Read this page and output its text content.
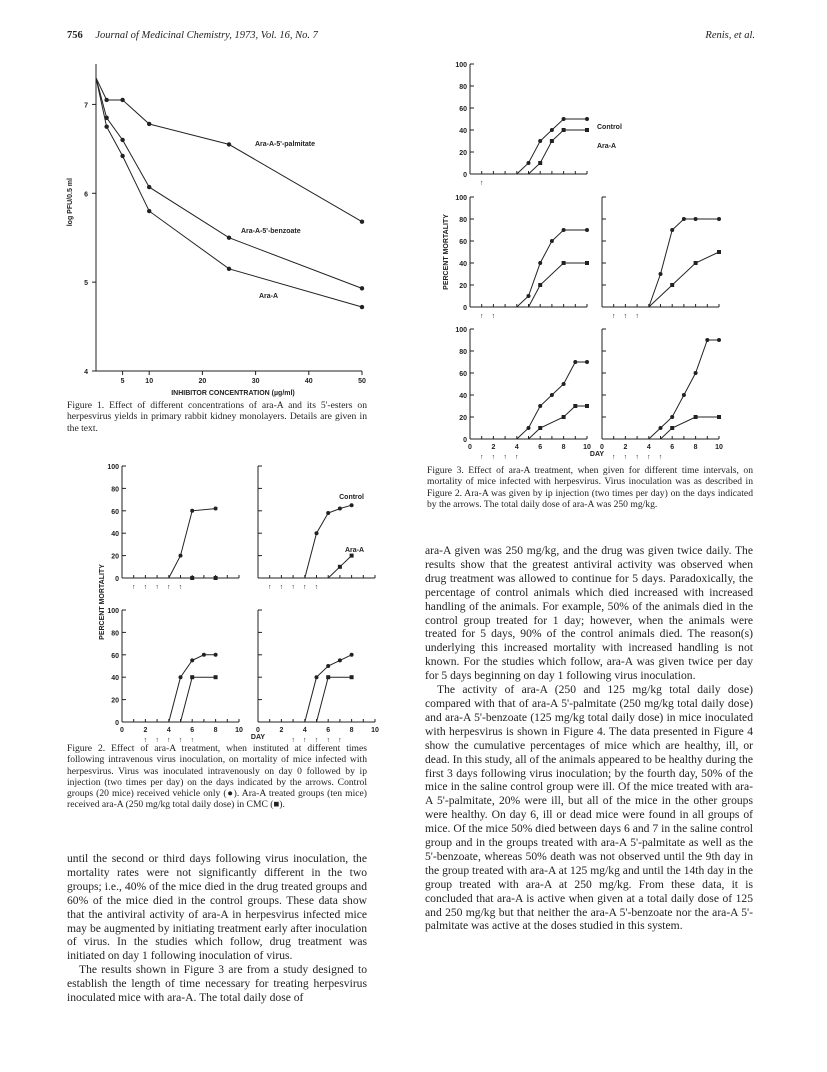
756 Journal of Medicinal Chemistry, 1973, Vol. 16, No. 7	Renis, et al.
4
5
6
7
5	10	20	30	40	50
INHIBITOR CONCENTRATION (µg/ml)
log PFU/0.5 ml
Ara-A-5'-palmitate
Ara-A-5'-benzoate
Ara-A
Figure 1. Effect of different concentrations of ara-A and its 5'-esters on herpesvirus yields in primary rabbit kidney monolayers. Details are given in the text.
0
20
40
60
80
100
↑ ↑ ↑ ↑ ↑	↑ ↑ ↑ ↑ ↑
0
20
40
60
80
100
0	2	4	6	8	10
↑ ↑ ↑ ↑ ↑
0	2	4	6	8	10
↑ ↑ ↑ ↑ ↑
Control
Ara-A
PERCENT MORTALITY
DAY
Figure 2. Effect of ara-A treatment, when instituted at different times following intravenous virus inoculation, on mortality of mice infected with herpesvirus. Virus was inoculated intravenously on day 0 followed by ip injection (two times per day) on the days indicated by the arrows. Control groups (20 mice) received vehicle only (●). Ara-A treated groups (ten mice) received ara-A (250 mg/kg total daily dose) in CMC (■).
0
20
40
60
80
100
↑
0
20
40
60
80
100
↑ ↑	↑ ↑ ↑
0
20
40
60
80
100
0	2	4	6	8	10
↑ ↑ ↑ ↑
0	2	4	6	8	10
↑ ↑ ↑ ↑ ↑
Control
Ara-A
PERCENT MORTALITY
DAY
Figure 3. Effect of ara-A treatment, when given for different time intervals, on mortality of mice infected with herpesvirus. Virus inoculation was as described in Figure 2. Ara-A was given by ip injection (two times per day) on the days indicated by the arrows. The total daily dose of ara-A was 250 mg/kg.

until the second or third days following virus inoculation, the mortality rates were not significantly different in the two groups; i.e., 40% of the mice died in the drug treated groups and 60% of the mice died in the control groups. These data show that the antiviral activity of ara-A in herpesvirus infected mice may be augmented by initiating treatment early after inoculation of virus. In the studies which follow, drug treatment was initiated on day 1 following inoculation of virus.

The results shown in Figure 3 are from a study designed to establish the length of time necessary for treating herpesvirus inoculated mice with ara-A. The total daily dose of

ara-A given was 250 mg/kg, and the drug was given twice daily. The results show that the greatest antiviral activity was observed when drug treatment was allowed to continue for 5 days. Paradoxically, the percentage of control animals which died increased with increased handling of the animals. For example, 50% of the animals died in the control group treated for 1 day; however, when the animals were treated for 5 days, 90% of the control animals died. The reason(s) underlying this increased mortality with increased handling is not known. For the studies which follow, ara-A was given twice per day for 5 days beginning on day 1 following virus inoculation.

The activity of ara-A (250 and 125 mg/kg total daily dose) compared with that of ara-A 5'-palmitate (250 mg/kg total daily dose) and ara-A 5'-benzoate (125 mg/kg total daily dose) in mice inoculated with herpesvirus is shown in Figure 4. The data presented in Figure 4 show the cumulative percentages of mice which are healthy, ill, or dead. In this study, all of the animals appeared to be healthy during the first 3 days following virus inoculation; by the fourth day, 50% of the mice in the saline control group were ill. Of the mice treated with ara-A 5'-palmitate, 20% were ill, but all of the mice in the other groups were healthy. On day 6, ill or dead mice were found in all groups of mice. Of the mice 50% died between days 6 and 7 in the saline control group and in the groups treated with ara-A 5'-palmitate as well as the 5'-benzoate, whereas 50% death was not observed until the 9th day in the group treated with ara-A at 125 mg/kg and until the 14th day in the group treated with ara-A at 250 mg/kg. From these data, it is concluded that ara-A is active when given at a total daily dose of 125 and 250 mg/kg but that neither the ara-A 5'-benzoate nor the ara-A 5'-palmitate was active at the doses studied in this system.
